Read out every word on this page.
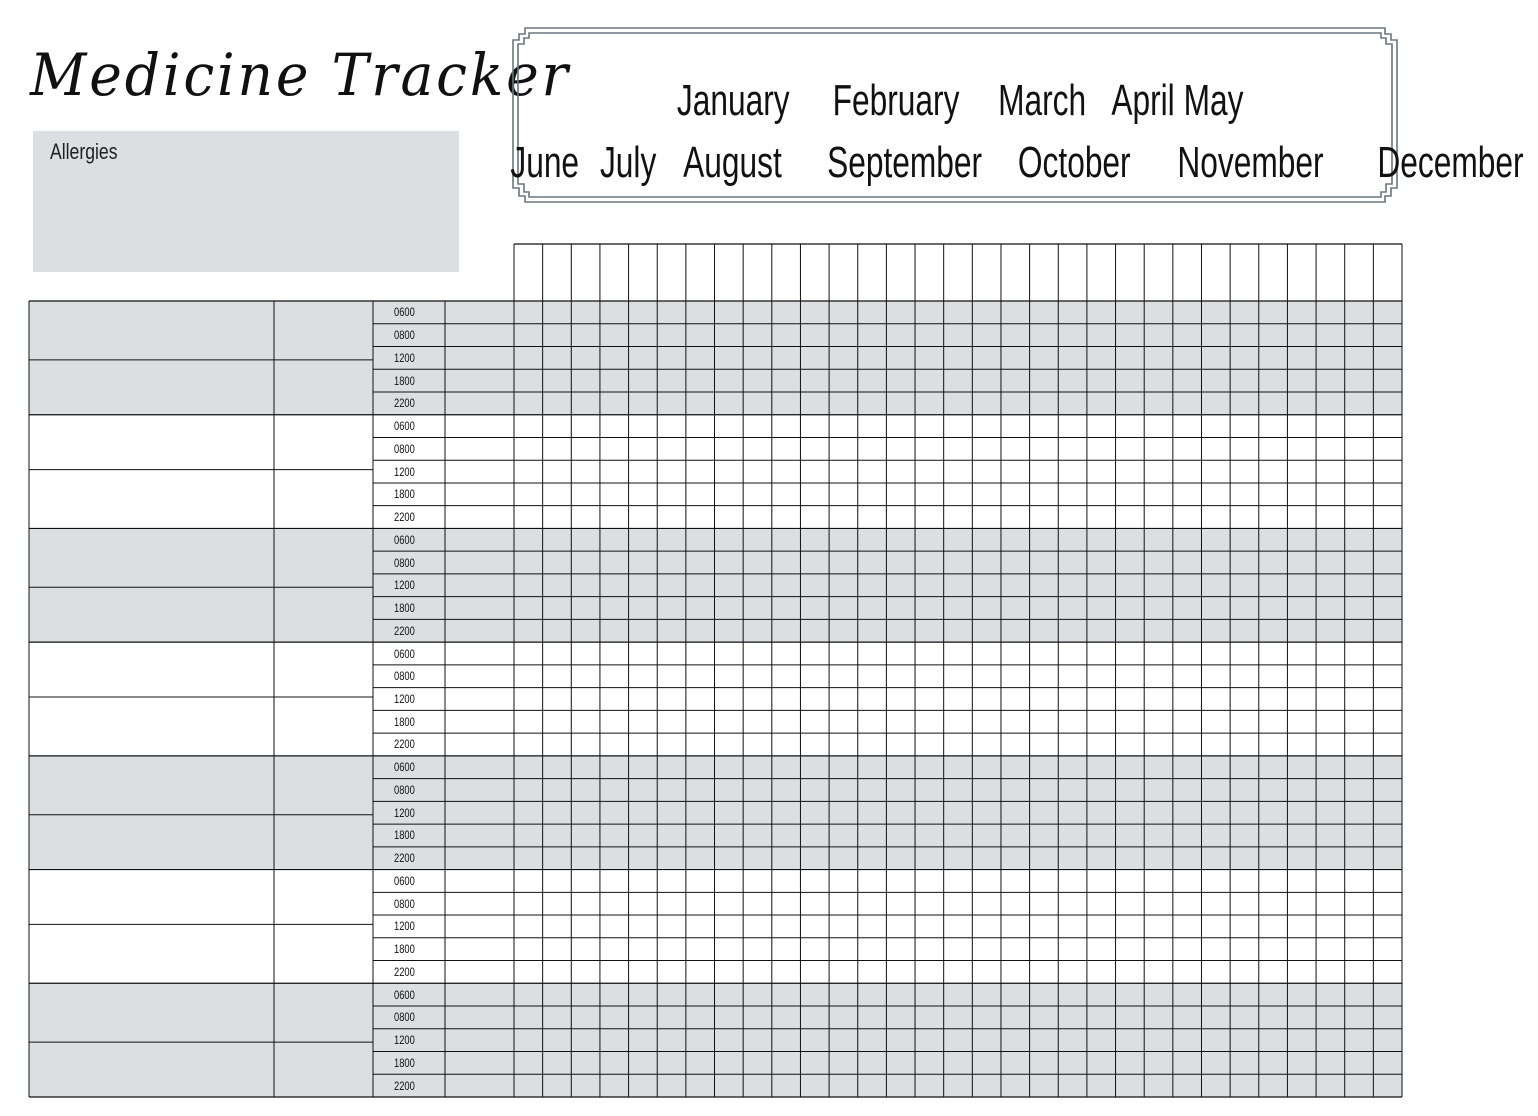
Medicine Tracker
Allergies
January February March April May
June July August September October November December
0600
0800
1200
1800
2200
0600
0800
1200
1800
2200
0600
0800
1200
1800
2200
0600
0800
1200
1800
2200
0600
0800
1200
1800
2200
0600
0800
1200
1800
2200
0600
0800
1200
1800
2200
